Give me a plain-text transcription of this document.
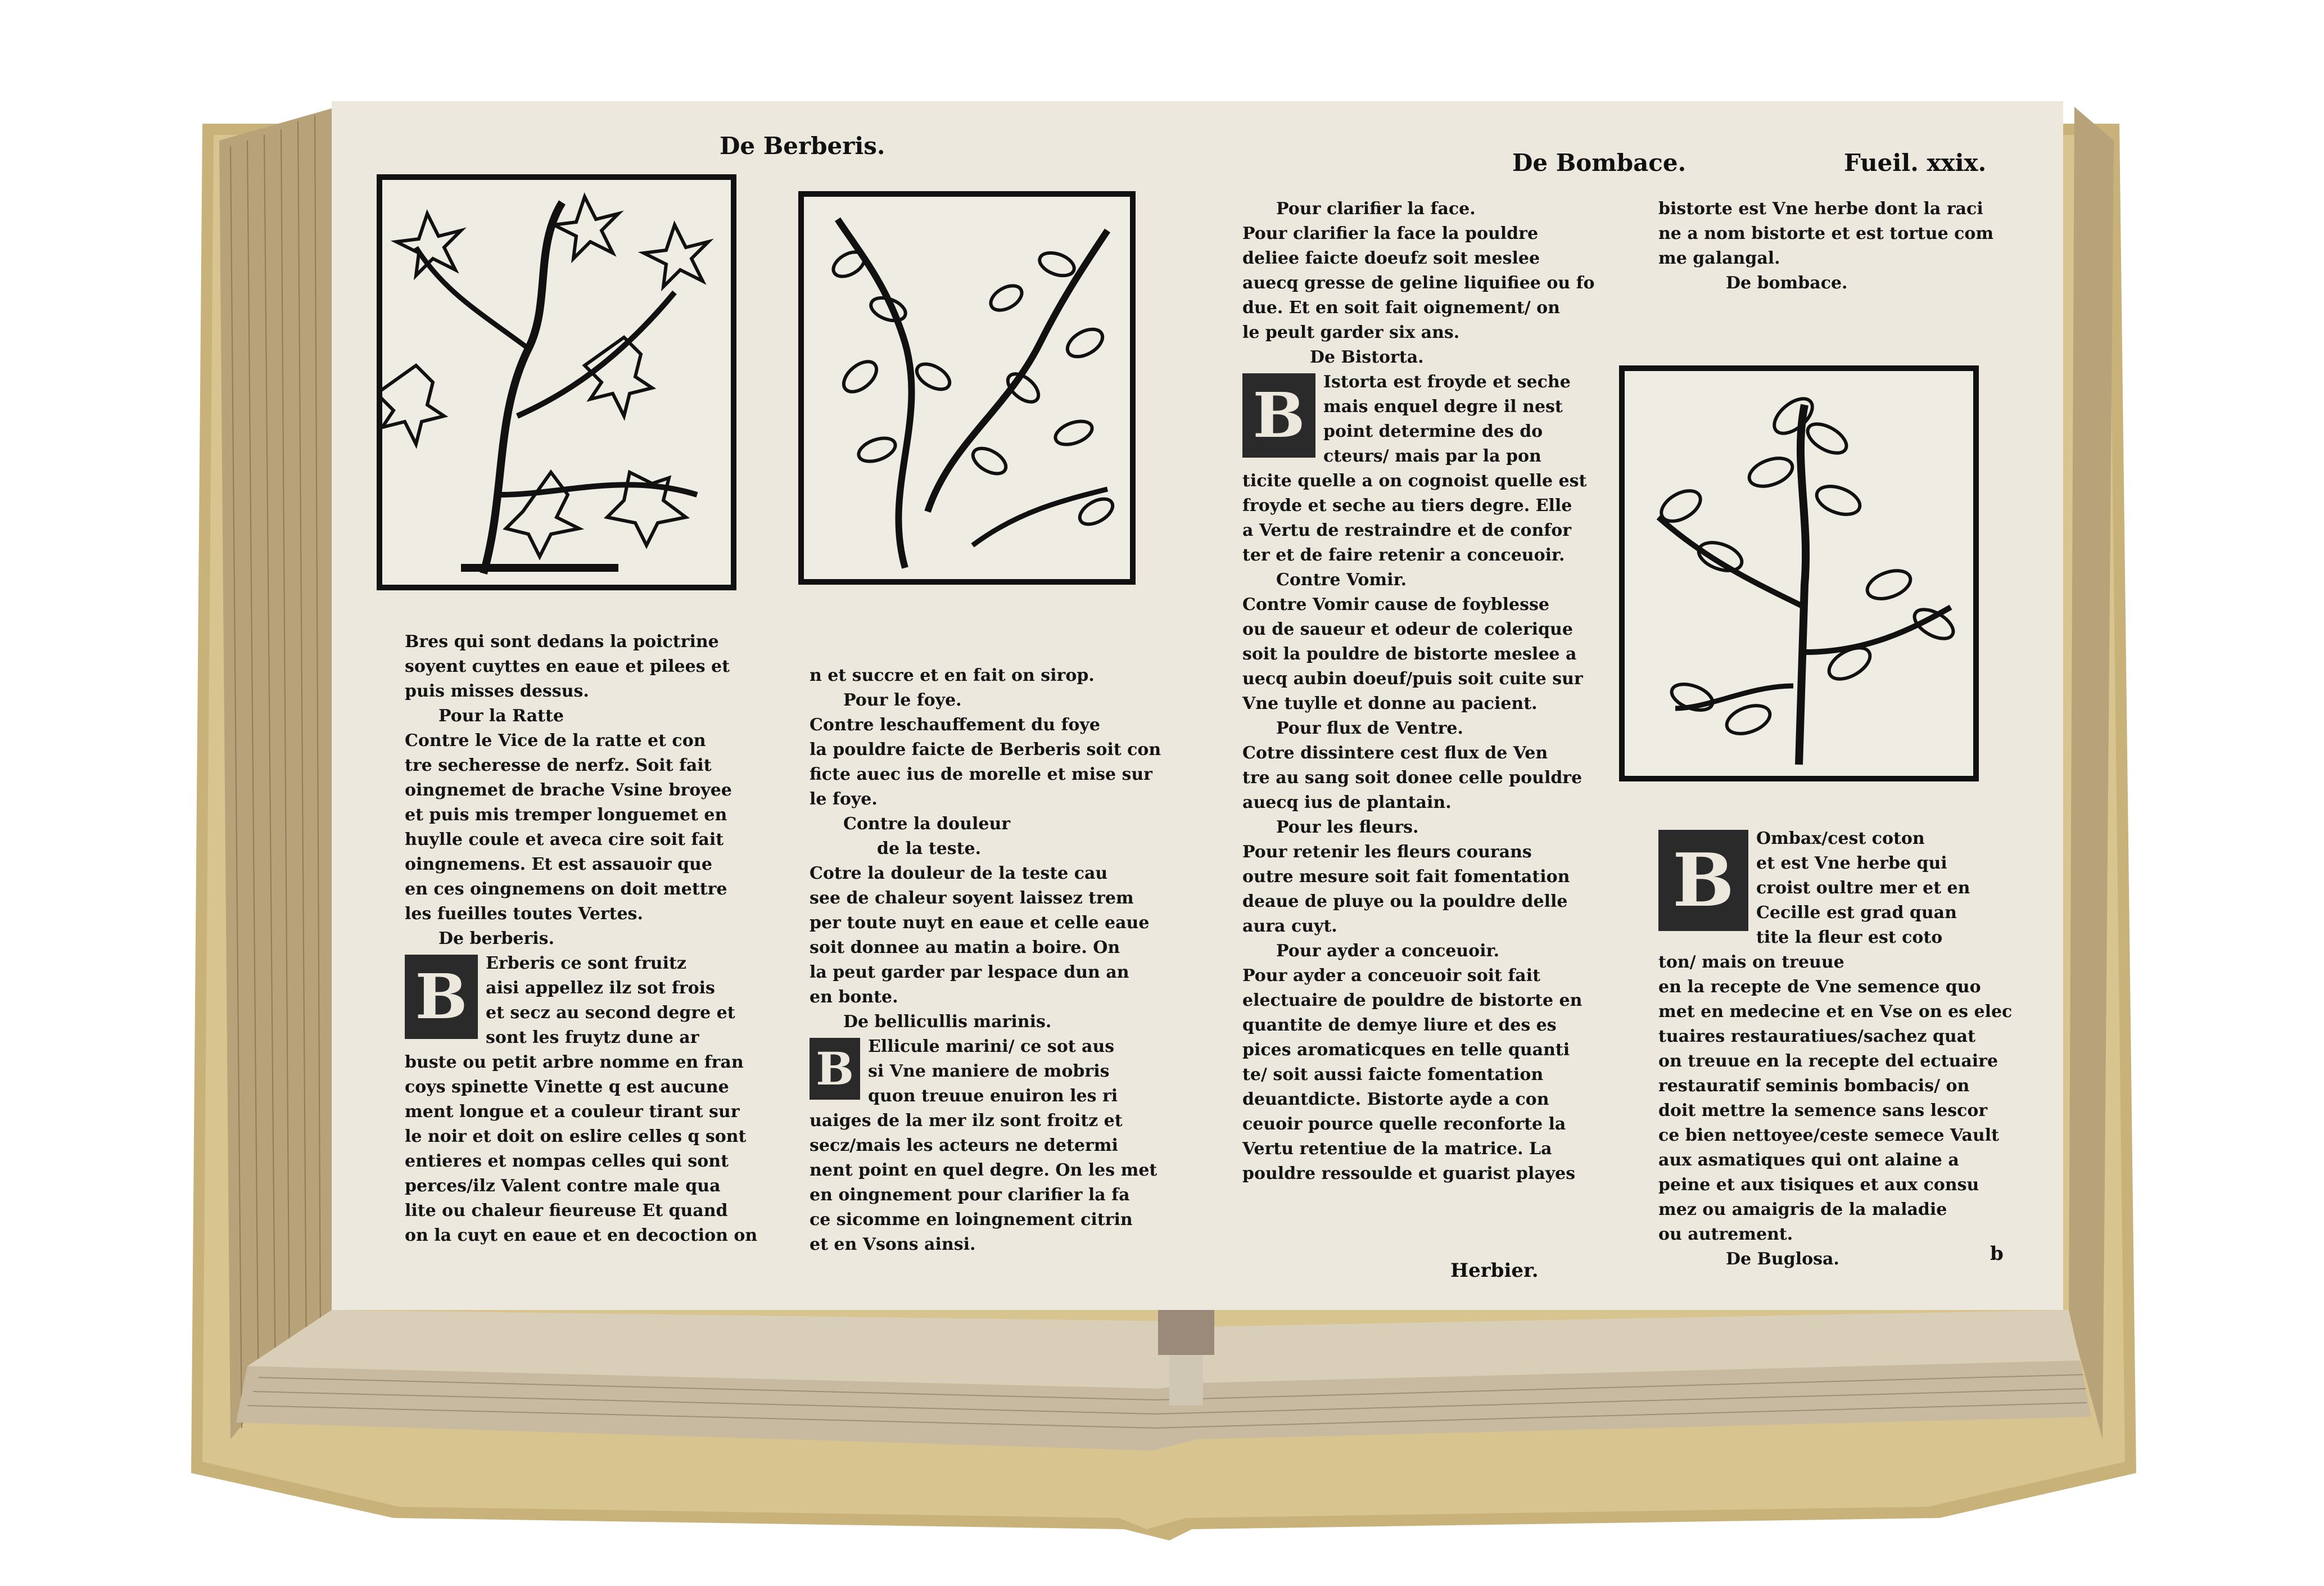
De Berberis.

Bres qui sont dedans la poictrine

soyent cuyttes en eaue et pilees et

puis misses dessus.

Pour la Ratte

Contre le Vice de la ratte et con

tre secheresse de nerfz. Soit fait

oingnemet de brache Vsine broyee

et puis mis tremper longuemet en

huylle coule et aveca cire soit fait

oingnemens. Et est assauoir que

en ces oingnemens on doit mettre

les fueilles toutes Vertes.

De berberis.

B	Erberis ce sont fruitz

aisi appellez ilz sot frois

et secz au second degre et

sont les fruytz dune ar

buste ou petit arbre nomme en fran

coys spinette Vinette q est aucune

ment longue et a couleur tirant sur

le noir et doit on eslire celles q sont

entieres et nompas celles qui sont

perces/ilz Valent contre male qua

lite ou chaleur fieureuse Et quand

on la cuyt en eaue et en decoction on

n et succre et en fait on sirop.

Pour le foye.

Contre leschauffement du foye

la pouldre faicte de Berberis soit con

ficte auec ius de morelle et mise sur

le foye.

Contre la douleur

de la teste.

Cotre la douleur de la teste cau

see de chaleur soyent laissez trem

per toute nuyt en eaue et celle eaue

soit donnee au matin a boire. On

la peut garder par lespace dun an

en bonte.

De bellicullis marinis.

B Ellicule marini/ ce sot aus

si Vne maniere de mobris

quon treuue enuiron les ri

uaiges de la mer ilz sont froitz et

secz/mais les acteurs ne determi

nent point en quel degre. On les met

en oingnement pour clarifier la fa

ce sicomme en loingnement citrin

et en Vsons ainsi.

De Bombace.	Fueil. xxix.

Pour clarifier la face.

Pour clarifier la face la pouldre

deliee faicte doeufz soit meslee

auecq gresse de geline liquifiee ou fo

due. Et en soit fait oignement/ on

le peult garder six ans.

De Bistorta.

B	Istorta est froyde et seche

mais enquel degre il nest

point determine des do

cteurs/ mais par la pon

ticite quelle a on cognoist quelle est

froyde et seche au tiers degre. Elle

a Vertu de restraindre et de confor

ter et de faire retenir a conceuoir.

Contre Vomir.

Contre Vomir cause de foyblesse

ou de saueur et odeur de colerique

soit la pouldre de bistorte meslee a

uecq aubin doeuf/puis soit cuite sur

Vne tuylle et donne au pacient.

Pour flux de Ventre.

Cotre dissintere cest flux de Ven

tre au sang soit donee celle pouldre

auecq ius de plantain.

Pour les fleurs.

Pour retenir les fleurs courans

outre mesure soit fait fomentation

deaue de pluye ou la pouldre delle

aura cuyt.

Pour ayder a conceuoir.

Pour ayder a conceuoir soit fait

electuaire de pouldre de bistorte en

quantite de demye liure et des es

pices aromaticques en telle quanti

te/ soit aussi faicte fomentation

deuantdicte. Bistorte ayde a con

ceuoir pource quelle reconforte la

Vertu retentiue de la matrice. La

pouldre ressoulde et guarist playes

Herbier.

bistorte est Vne herbe dont la raci

ne a nom bistorte et est tortue com

me galangal.

De bombace.

B	Ombax/cest coton

et est Vne herbe qui

croist oultre mer et en

Cecille est grad quan

tite la fleur est coto

ton/ mais on treuue

en la recepte de Vne semence quo

met en medecine et en Vse on es elec

tuaires restauratiues/sachez quat

on treuue en la recepte del ectuaire

restauratif seminis bombacis/ on

doit mettre la semence sans lescor

ce bien nettoyee/ceste semece Vault

aux asmatiques qui ont alaine a

peine et aux tisiques et aux consu

mez ou amaigris de la maladie

ou autrement.

De Buglosa.	b
